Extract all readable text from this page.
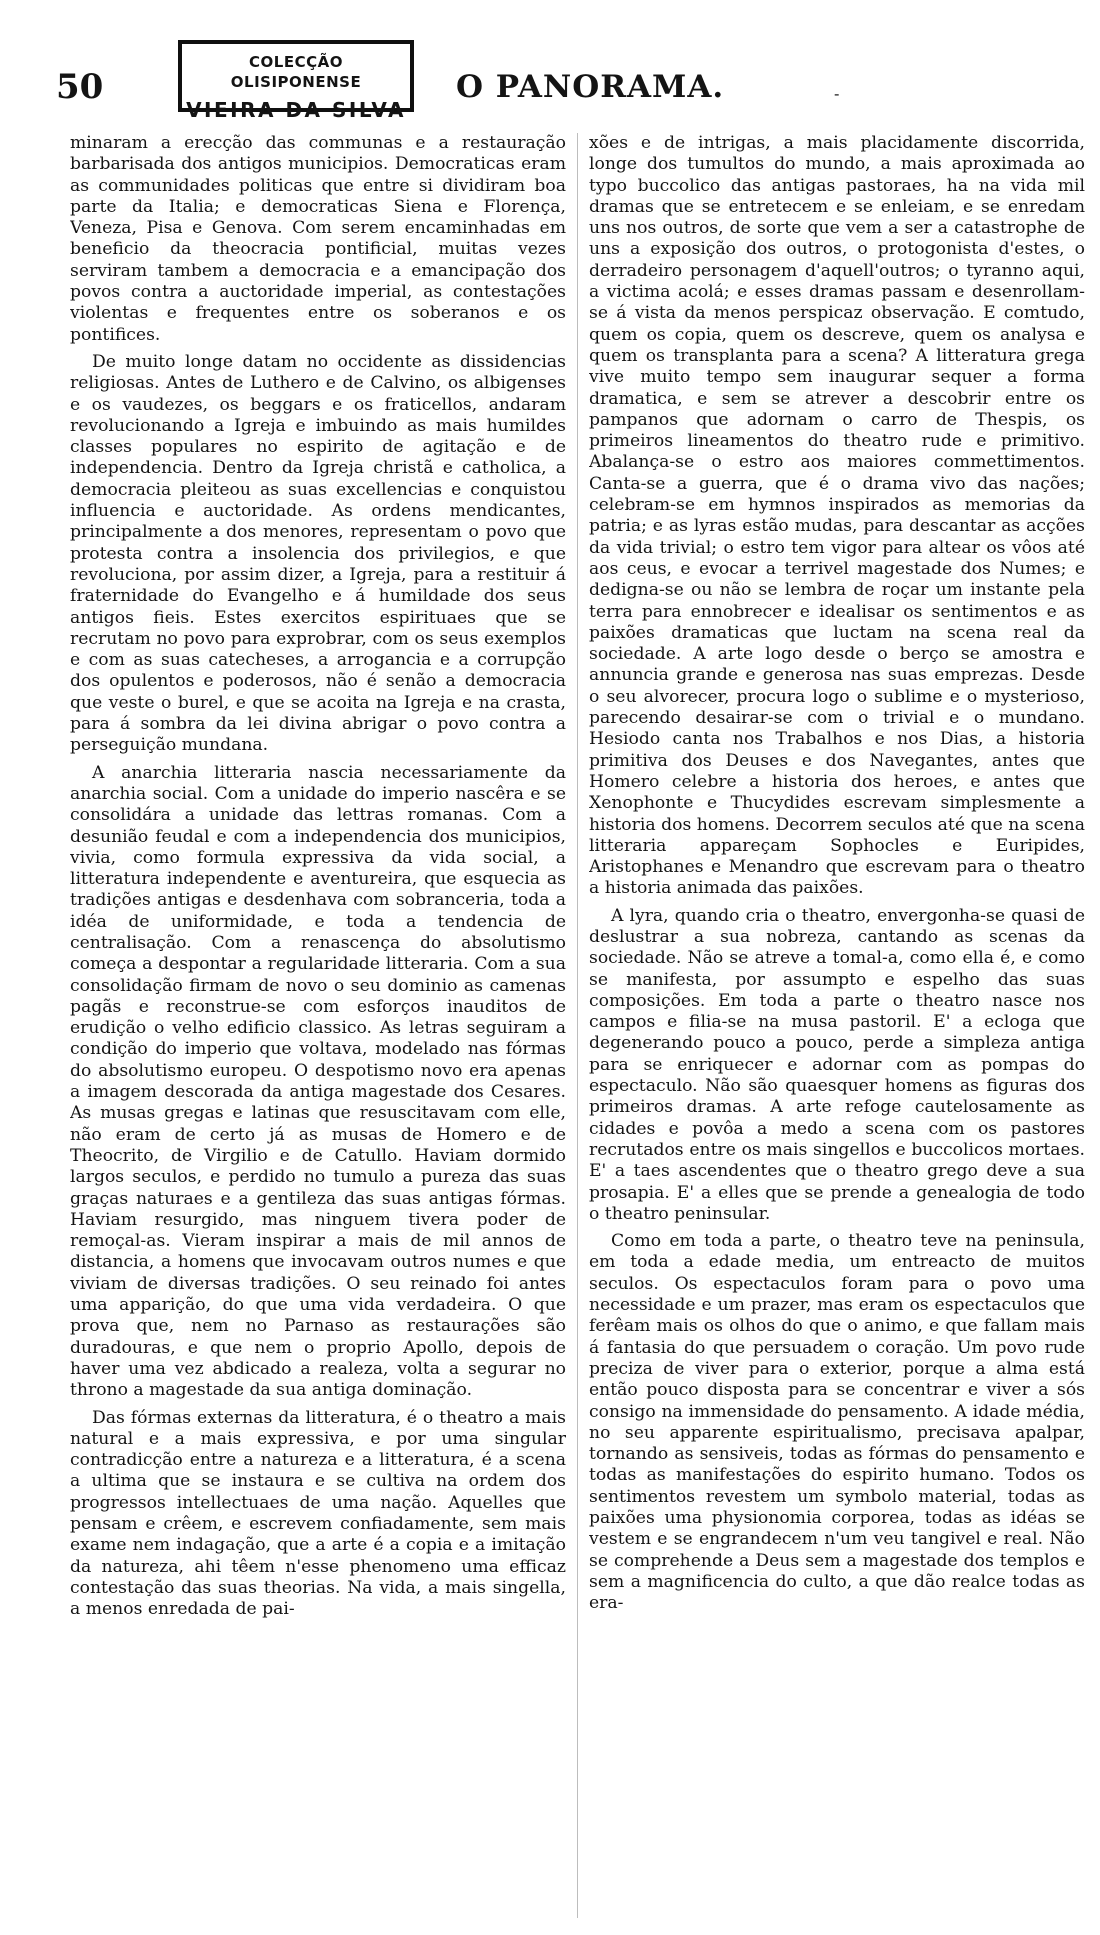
50
COLECÇÃO OLISIPONENSE
VIEIRA DA SILVA
O PANORAMA.	-

minaram a erecção das communas e a restauração barbarisada dos antigos municipios. Democraticas eram as communidades politicas que entre si dividiram boa parte da Italia; e democraticas Siena e Florença, Veneza, Pisa e Genova. Com serem encaminhadas em beneficio da theocracia pontificial, muitas vezes serviram tambem a democracia e a emancipação dos povos contra a auctoridade imperial, as contestações violentas e frequentes entre os soberanos e os pontifices.

De muito longe datam no occidente as dissidencias religiosas. Antes de Luthero e de Calvino, os albigenses e os vaudezes, os beggars e os fraticellos, andaram revolucionando a Igreja e imbuindo as mais humildes classes populares no espirito de agitação e de independencia. Dentro da Igreja christã e catholica, a democracia pleiteou as suas excellencias e conquistou influencia e auctoridade. As ordens mendicantes, principalmente a dos menores, representam o povo que protesta contra a insolencia dos privilegios, e que revoluciona, por assim dizer, a Igreja, para a restituir á fraternidade do Evangelho e á humildade dos seus antigos fieis. Estes exercitos espirituaes que se recrutam no povo para exprobrar, com os seus exemplos e com as suas catecheses, a arrogancia e a corrupção dos opulentos e poderosos, não é senão a democracia que veste o burel, e que se acoita na Igreja e na crasta, para á sombra da lei divina abrigar o povo contra a perseguição mundana.

A anarchia litteraria nascia necessariamente da anarchia social. Com a unidade do imperio nascêra e se consolidára a unidade das lettras romanas. Com a desunião feudal e com a independencia dos municipios, vivia, como formula expressiva da vida social, a litteratura independente e aventureira, que esquecia as tradições antigas e desdenhava com sobranceria, toda a idéa de uniformidade, e toda a tendencia de centralisação. Com a renascença do absolutismo começa a despontar a regularidade litteraria. Com a sua consolidação firmam de novo o seu dominio as camenas pagãs e reconstrue-se com esforços inauditos de erudição o velho edificio classico. As letras seguiram a condição do imperio que voltava, modelado nas fórmas do absolutismo europeu. O despotismo novo era apenas a imagem descorada da antiga magestade dos Cesares. As musas gregas e latinas que resuscitavam com elle, não eram de certo já as musas de Homero e de Theocrito, de Virgilio e de Catullo. Haviam dormido largos seculos, e perdido no tumulo a pureza das suas graças naturaes e a gentileza das suas antigas fórmas. Haviam resurgido, mas ninguem tivera poder de remoçal-as. Vieram inspirar a mais de mil annos de distancia, a homens que invocavam outros numes e que viviam de diversas tradições. O seu reinado foi antes uma apparição, do que uma vida verdadeira. O que prova que, nem no Parnaso as restaurações são duradouras, e que nem o proprio Apollo, depois de haver uma vez abdicado a realeza, volta a segurar no throno a magestade da sua antiga dominação.

Das fórmas externas da litteratura, é o theatro a mais natural e a mais expressiva, e por uma singular contradicção entre a natureza e a litteratura, é a scena a ultima que se instaura e se cultiva na ordem dos progressos intellectuaes de uma nação. Aquelles que pensam e crêem, e escrevem confiadamente, sem mais exame nem indagação, que a arte é a copia e a imitação da natureza, ahi têem n'esse phenomeno uma efficaz contestação das suas theorias. Na vida, a mais singella, a menos enredada de pai-

xões e de intrigas, a mais placidamente discorrida, longe dos tumultos do mundo, a mais aproximada ao typo buccolico das antigas pastoraes, ha na vida mil dramas que se entretecem e se enleiam, e se enredam uns nos outros, de sorte que vem a ser a catastrophe de uns a exposição dos outros, o protogonista d'estes, o derradeiro personagem d'aquell'outros; o tyranno aqui, a victima acolá; e esses dramas passam e desenrollam-se á vista da menos perspicaz observação. E comtudo, quem os copia, quem os descreve, quem os analysa e quem os transplanta para a scena? A litteratura grega vive muito tempo sem inaugurar sequer a forma dramatica, e sem se atrever a descobrir entre os pampanos que adornam o carro de Thespis, os primeiros lineamentos do theatro rude e primitivo. Abalança-se o estro aos maiores commettimentos. Canta-se a guerra, que é o drama vivo das nações; celebram-se em hymnos inspirados as memorias da patria; e as lyras estão mudas, para descantar as acções da vida trivial; o estro tem vigor para altear os vôos até aos ceus, e evocar a terrivel magestade dos Numes; e dedigna-se ou não se lembra de roçar um instante pela terra para ennobrecer e idealisar os sentimentos e as paixões dramaticas que luctam na scena real da sociedade. A arte logo desde o berço se amostra e annuncia grande e generosa nas suas emprezas. Desde o seu alvorecer, procura logo o sublime e o mysterioso, parecendo desairar-se com o trivial e o mundano. Hesiodo canta nos Trabalhos e nos Dias, a historia primitiva dos Deuses e dos Navegantes, antes que Homero celebre a historia dos heroes, e antes que Xenophonte e Thucydides escrevam simplesmente a historia dos homens. Decorrem seculos até que na scena litteraria appareçam Sophocles e Euripides, Aristophanes e Menandro que escrevam para o theatro a historia animada das paixões.

A lyra, quando cria o theatro, envergonha-se quasi de deslustrar a sua nobreza, cantando as scenas da sociedade. Não se atreve a tomal-a, como ella é, e como se manifesta, por assumpto e espelho das suas composições. Em toda a parte o theatro nasce nos campos e filia-se na musa pastoril. E' a ecloga que degenerando pouco a pouco, perde a simpleza antiga para se enriquecer e adornar com as pompas do espectaculo. Não são quaesquer homens as figuras dos primeiros dramas. A arte refoge cautelosamente as cidades e povôa a medo a scena com os pastores recrutados entre os mais singellos e buccolicos mortaes. E' a taes ascendentes que o theatro grego deve a sua prosapia. E' a elles que se prende a genealogia de todo o theatro peninsular.

Como em toda a parte, o theatro teve na peninsula, em toda a edade media, um entreacto de muitos seculos. Os espectaculos foram para o povo uma necessidade e um prazer, mas eram os espectaculos que ferêam mais os olhos do que o animo, e que fallam mais á fantasia do que persuadem o coração. Um povo rude preciza de viver para o exterior, porque a alma está então pouco disposta para se concentrar e viver a sós consigo na immensidade do pensamento. A idade média, no seu apparente espiritualismo, precisava apalpar, tornando as sensiveis, todas as fórmas do pensamento e todas as manifestações do espirito humano. Todos os sentimentos revestem um symbolo material, todas as paixões uma physionomia corporea, todas as idéas se vestem e se engrandecem n'um veu tangivel e real. Não se comprehende a Deus sem a magestade dos templos e sem a magnificencia do culto, a que dão realce todas as era-
